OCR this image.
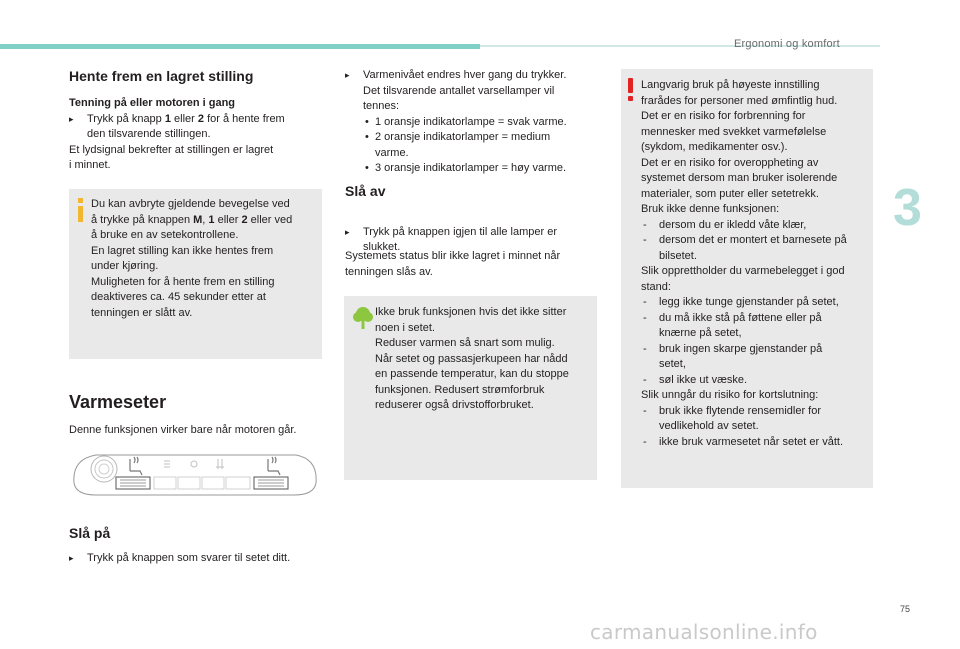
Ergonomi og komfort
3
75
carmanualsonline.info
Hente frem en lagret stilling

Tenning på eller motoren i gang

▸ Trykk på knapp 1 eller 2 for å hente frem
den tilsvarende stillingen.

Et lydsignal bekrefter at stillingen er lagret
i minnet.

Du kan avbryte gjeldende bevegelse ved

å trykke på knappen M, 1 eller 2 eller ved

å bruke en av setekontrollene.

En lagret stilling kan ikke hentes frem

under kjøring.

Muligheten for å hente frem en stilling

deaktiveres ca. 45 sekunder etter at

tenningen er slått av.

Varmeseter
Denne funksjonen virker bare når motoren går.
Slå på
▸ Trykk på knappen som svarer til setet ditt.

▸ Varmenivået endres hver gang du trykker.
Det tilsvarende antallet varsellamper vil
tennes:

• 1 oransje indikatorlampe = svak varme.

• 2 oransje indikatorlamper = medium
varme.

• 3 oransje indikatorlamper = høy varme.

Slå av
▸ Trykk på knappen igjen til alle lamper er
slukket.
Systemets status blir ikke lagret i minnet når
tenningen slås av.

Ikke bruk funksjonen hvis det ikke sitter

noen i setet.

Reduser varmen så snart som mulig.

Når setet og passasjerkupeen har nådd

en passende temperatur, kan du stoppe

funksjonen. Redusert strømforbruk

reduserer også drivstofforbruket.

Langvarig bruk på høyeste innstilling

frarådes for personer med ømfintlig hud.

Det er en risiko for forbrenning for

mennesker med svekket varmefølelse

(sykdom, medikamenter osv.).

Det er en risiko for overoppheting av

systemet dersom man bruker isolerende

materialer, som puter eller setetrekk.

Bruk ikke denne funksjonen:

- dersom du er ikledd våte klær,

- dersom det er montert et barnesete på
bilsetet.

Slik opprettholder du varmebelegget i god

stand:

- legg ikke tunge gjenstander på setet,

- du må ikke stå på føttene eller på
knærne på setet,

- bruk ingen skarpe gjenstander på
setet,

- søl ikke ut væske.

Slik unngår du risiko for kortslutning:

- bruk ikke flytende rensemidler for
vedlikehold av setet.

- ikke bruk varmesetet når setet er vått.
